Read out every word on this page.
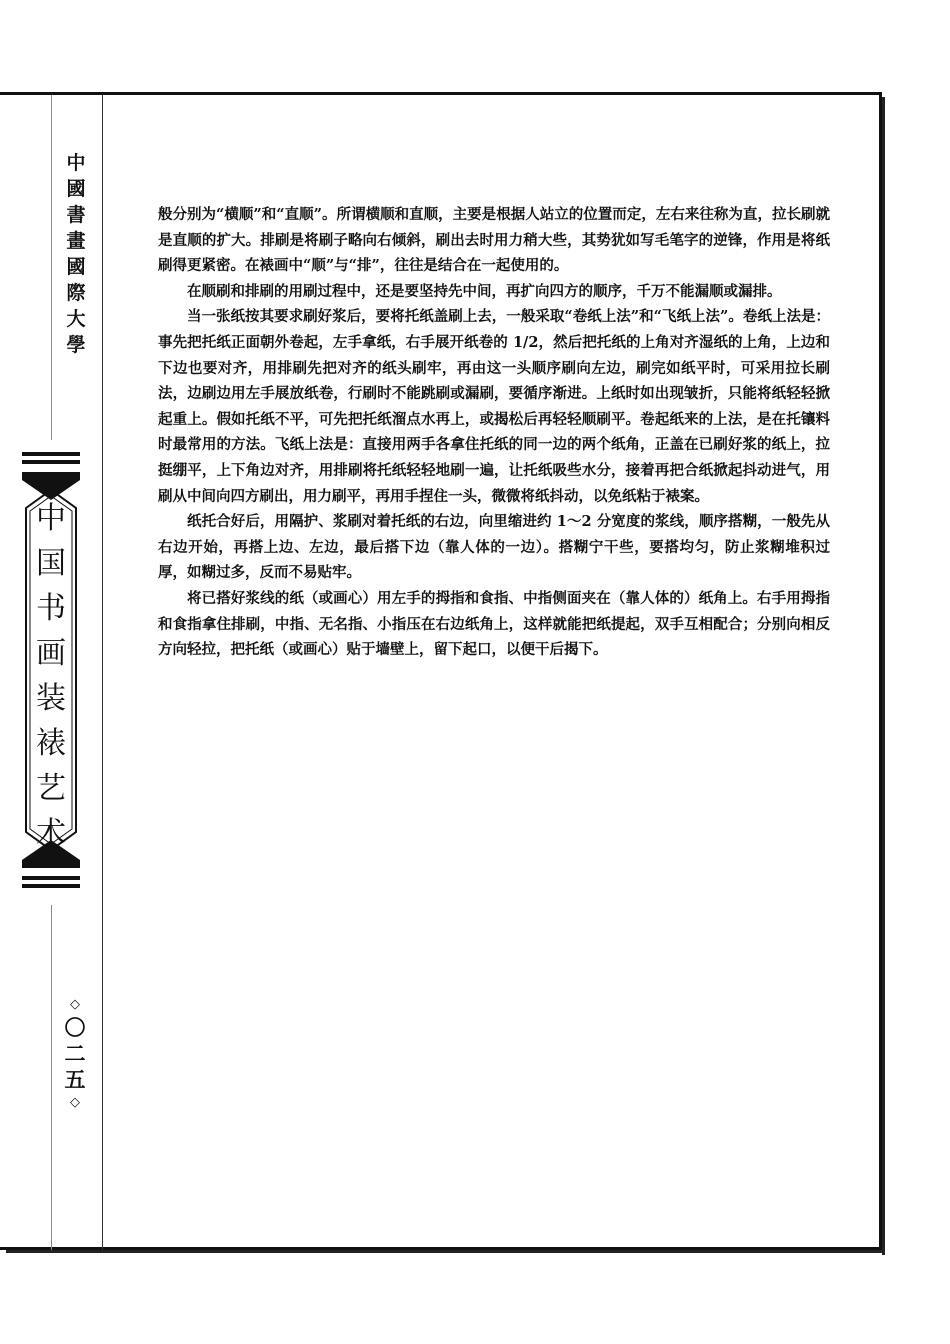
中
國
書
畫
國
際
大
學
中
国
书
画
装
裱
艺
术
◇
〇
二
五
◇

般分别为“横顺”和“直顺”。所谓横顺和直顺，主要是根据人站立的位置而定，左右来往称为直，拉长刷就是直顺的扩大。排刷是将刷子略向右倾斜，刷出去时用力稍大些，其势犹如写毛笔字的逆锋，作用是将纸刷得更紧密。在裱画中“顺”与“排”，往往是结合在一起使用的。

在顺刷和排刷的用刷过程中，还是要坚持先中间，再扩向四方的顺序，千万不能漏顺或漏排。

当一张纸按其要求刷好浆后，要将托纸盖刷上去，一般采取“卷纸上法”和“飞纸上法”。卷纸上法是：事先把托纸正面朝外卷起，左手拿纸，右手展开纸卷的 1/2，然后把托纸的上角对齐湿纸的上角，上边和下边也要对齐，用排刷先把对齐的纸头刷牢，再由这一头顺序刷向左边，刷完如纸平时，可采用拉长刷法，边刷边用左手展放纸卷，行刷时不能跳刷或漏刷，要循序渐进。上纸时如出现皱折，只能将纸轻轻掀起重上。假如托纸不平，可先把托纸溜点水再上，或揭松后再轻轻顺刷平。卷起纸来的上法，是在托镶料时最常用的方法。飞纸上法是：直接用两手各拿住托纸的同一边的两个纸角，正盖在已刷好浆的纸上，拉挺绷平，上下角边对齐，用排刷将托纸轻轻地刷一遍，让托纸吸些水分，接着再把合纸掀起抖动进气，用刷从中间向四方刷出，用力刷平，再用手捏住一头，微微将纸抖动，以免纸粘于裱案。

纸托合好后，用隔护、浆刷对着托纸的右边，向里缩进约 1～2 分宽度的浆线，顺序搭糊，一般先从右边开始，再搭上边、左边，最后搭下边（靠人体的一边）。搭糊宁干些，要搭均匀，防止浆糊堆积过厚，如糊过多，反而不易贴牢。

将已搭好浆线的纸（或画心）用左手的拇指和食指、中指侧面夹在（靠人体的）纸角上。右手用拇指和食指拿住排刷，中指、无名指、小指压在右边纸角上，这样就能把纸提起，双手互相配合；分别向相反方向轻拉，把托纸（或画心）贴于墙壁上，留下起口，以便干后揭下。
